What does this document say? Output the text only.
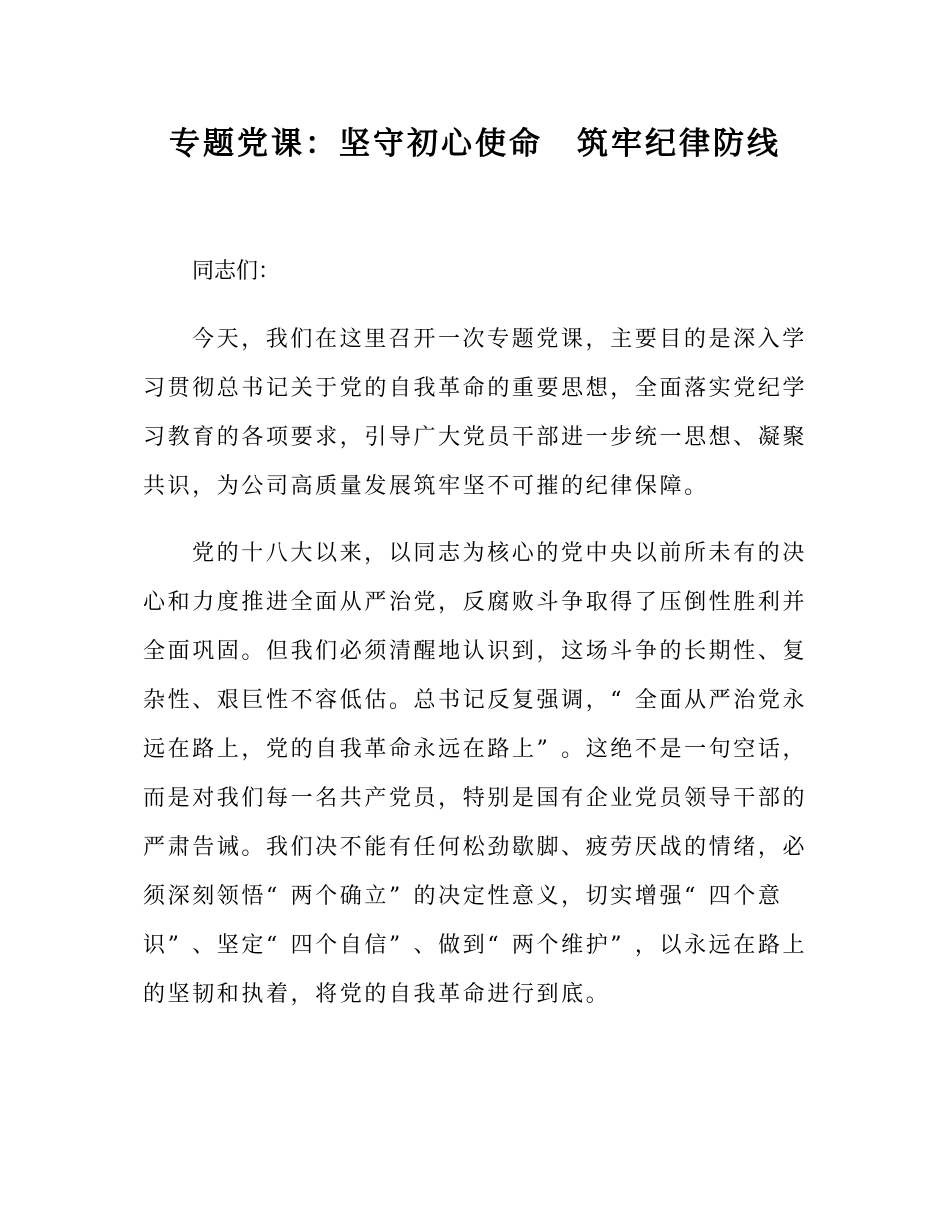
专题党课：坚守初心使命　筑牢纪律防线
同志们：
今 天 ， 我 们 在 这 里 召 开 一 次 专 题 党 课 ， 主 要 目 的 是 深 入 学
习 贯 彻 总 书 记 关 于 党 的 自 我 革 命 的 重 要 思 想 ， 全 面 落 实 党 纪 学
习 教 育 的 各 项 要 求 ， 引 导 广 大 党 员 干 部 进 一 步 统 一 思 想 、 凝 聚
共 识 ， 为 公 司 高 质 量 发 展 筑 牢 坚 不 可 摧 的 纪 律 保 障 。
党 的 十 八 大 以 来 ， 以 同 志 为 核 心 的 党 中 央 以 前 所 未 有 的 决
心 和 力 度 推 进 全 面 从 严 治 党 ， 反 腐 败 斗 争 取 得 了 压 倒 性 胜 利 并
全 面 巩 固 。 但 我 们 必 须 清 醒 地 认 识 到 ， 这 场 斗 争 的 长 期 性 、 复
杂 性 、 艰 巨 性 不 容 低 估 。 总 书 记 反 复 强 调 ， “ 全 面 从 严 治 党 永
远 在 路 上 ， 党 的 自 我 革 命 永 远 在 路 上 ” 。 这 绝 不 是 一 句 空 话 ，
而 是 对 我 们 每 一 名 共 产 党 员 ， 特 别 是 国 有 企 业 党 员 领 导 干 部 的
严 肃 告 诫 。 我 们 决 不 能 有 任 何 松 劲 歇 脚 、 疲 劳 厌 战 的 情 绪 ， 必
须 深 刻 领 悟 “ 两 个 确 立 ” 的 决 定 性 意 义 ， 切 实 增 强 “ 四 个 意
识 ” 、 坚 定 “ 四 个 自 信 ” 、 做 到 “ 两 个 维 护 ” ， 以 永 远 在 路 上
的 坚 韧 和 执 着 ， 将 党 的 自 我 革 命 进 行 到 底 。
